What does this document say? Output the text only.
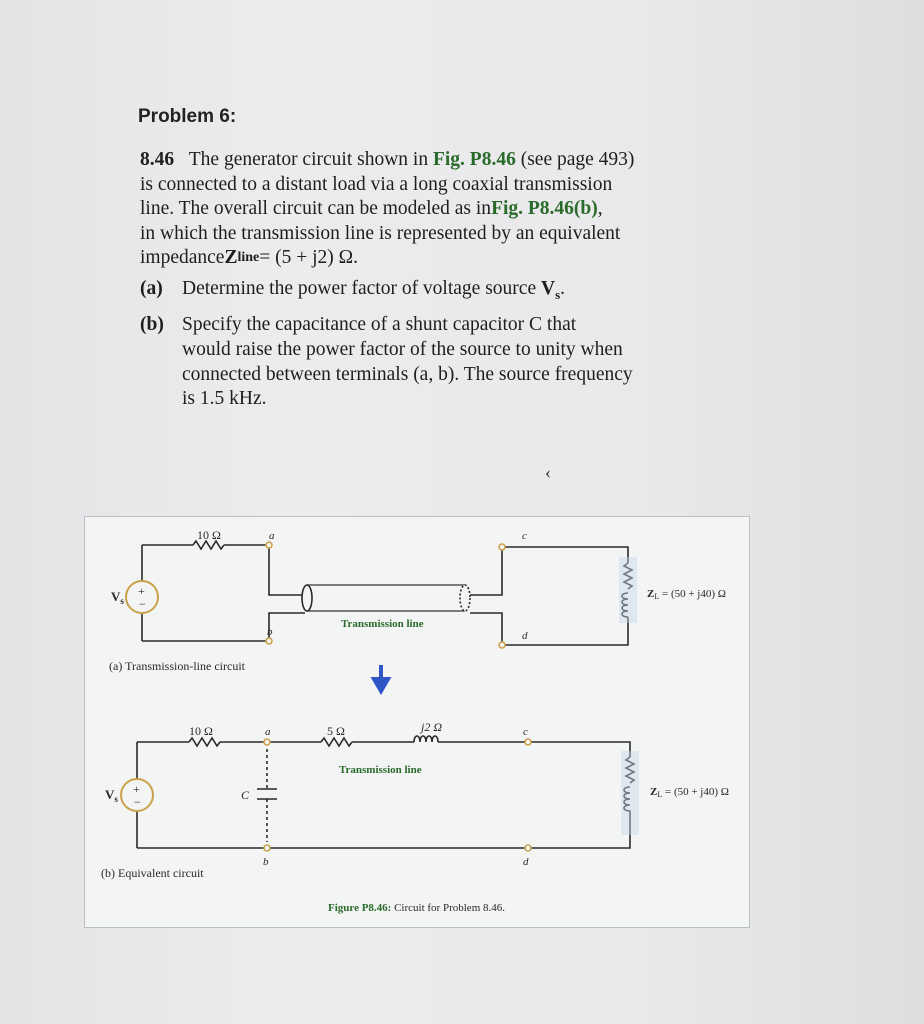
Problem 6:
8.46 The generator circuit shown in Fig. P8.46 (see page 493)
is connected to a distant load via a long coaxial transmission
line. The overall circuit can be modeled as in Fig. P8.46(b) ,
in which the transmission line is represented by an equivalent
impedance Z line = (5 + j2) Ω.
(a) Determine the power factor of voltage source $V_s$.
(b) Specify the capacitance of a shunt capacitor C that
would raise the power factor of the source to unity when
connected between terminals (a, b). The source frequency
is 1.5 kHz.
‹
10 Ω	a
b
c
d
$V_s$
+
−
Transmission line
ZL = (50 + j40) Ω
(a) Transmission-line circuit
10 Ω	a
b
c
d
5 Ω	j2 Ω
Transmission line
C
$V_s$
+
−
ZL = (50 + j40) Ω
(b) Equivalent circuit
Figure P8.46: Circuit for Problem 8.46.
